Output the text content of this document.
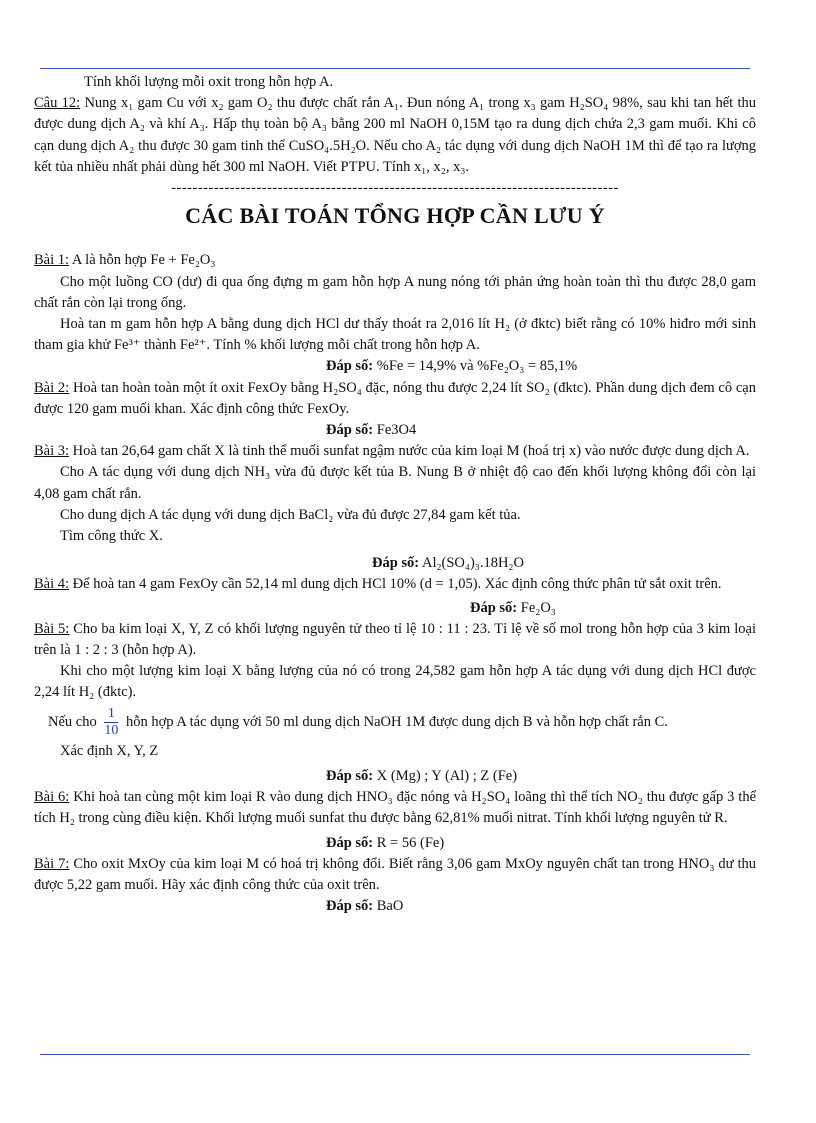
Tính khối lượng mỗi oxit trong hỗn hợp A.

Câu 12: Nung x₁ gam Cu với x₂ gam O₂ thu được chất rắn A₁. Đun nóng A₁ trong x₃ gam H₂SO₄ 98%, sau khi tan hết thu được dung dịch A₂ và khí A₃. Hấp thụ toàn bộ A₃ bằng 200 ml NaOH 0,15M tạo ra dung dịch chứa 2,3 gam muối. Khi cô cạn dung dịch A₂ thu được 30 gam tinh thể CuSO₄.5H₂O. Nếu cho A₂ tác dụng với dung dịch NaOH 1M thì để tạo ra lượng kết tủa nhiều nhất phải dùng hết 300 ml NaOH. Viết PTPU. Tính x₁, x₂, x₃.

------------------------------------------------------------------------------------

CÁC BÀI TOÁN TỔNG HỢP CẦN LƯU Ý

Bài 1: A là hỗn hợp Fe + Fe₂O₃

Cho một luồng CO (dư) đi qua ống đựng m gam hỗn hợp A nung nóng tới phản ứng hoàn toàn thì thu được 28,0 gam chất rắn còn lại trong ống.

Hoà tan m gam hỗn hợp A bằng dung dịch HCl dư thấy thoát ra 2,016 lít H₂ (ở đktc) biết rằng có 10% hiđro mới sinh tham gia khử Fe³⁺ thành Fe²⁺. Tính % khối lượng mỗi chất trong hỗn hợp A.

Đáp số: %Fe = 14,9% và %Fe₂O₃ = 85,1%

Bài 2: Hoà tan hoàn toàn một ít oxit FexOy bằng H₂SO₄ đặc, nóng thu được 2,24 lít SO₂ (đktc). Phần dung dịch đem cô cạn được 120 gam muối khan. Xác định công thức FexOy.

Đáp số: Fe3O4

Bài 3: Hoà tan 26,64 gam chất X là tinh thể muối sunfat ngậm nước của kim loại M (hoá trị x) vào nước được dung dịch A.

Cho A tác dụng với dung dịch NH₃ vừa đủ được kết tủa B. Nung B ở nhiệt độ cao đến khối lượng không đổi còn lại 4,08 gam chất rắn.

Cho dung dịch A tác dụng với dung dịch BaCl₂ vừa đủ được 27,84 gam kết tủa.

Tìm công thức X.

Đáp số: Al₂(SO₄)₃.18H₂O

Bài 4: Để hoà tan 4 gam FexOy cần 52,14 ml dung dịch HCl 10% (d = 1,05). Xác định công thức phân tử sắt oxit trên.

Đáp số: Fe₂O₃

Bài 5: Cho ba kim loại X, Y, Z có khối lượng nguyên tử theo tỉ lệ 10 : 11 : 23. Tỉ lệ về số mol trong hỗn hợp của 3 kim loại trên là 1 : 2 : 3 (hỗn hợp A).

Khi cho một lượng kim loại X bằng lượng của nó có trong 24,582 gam hỗn hợp A tác dụng với dung dịch HCl được 2,24 lít H₂ (đktc).

Nếu cho $\frac{1}{10}$ hỗn hợp A tác dụng với 50 ml dung dịch NaOH 1M được dung dịch B và hỗn hợp chất rắn C.

Xác định X, Y, Z

Đáp số: X (Mg) ; Y (Al) ; Z (Fe)

Bài 6: Khi hoà tan cùng một kim loại R vào dung dịch HNO₃ đặc nóng và H₂SO₄ loãng thì thể tích NO₂ thu được gấp 3 thể tích H₂ trong cùng điều kiện. Khối lượng muối sunfat thu được bằng 62,81% muối nitrat. Tính khối lượng nguyên tử R.

Đáp số: R = 56 (Fe)

Bài 7: Cho oxit MxOy của kim loại M có hoá trị không đổi. Biết rằng 3,06 gam MxOy nguyên chất tan trong HNO₃ dư thu được 5,22 gam muối. Hãy xác định công thức của oxit trên.

Đáp số: BaO
